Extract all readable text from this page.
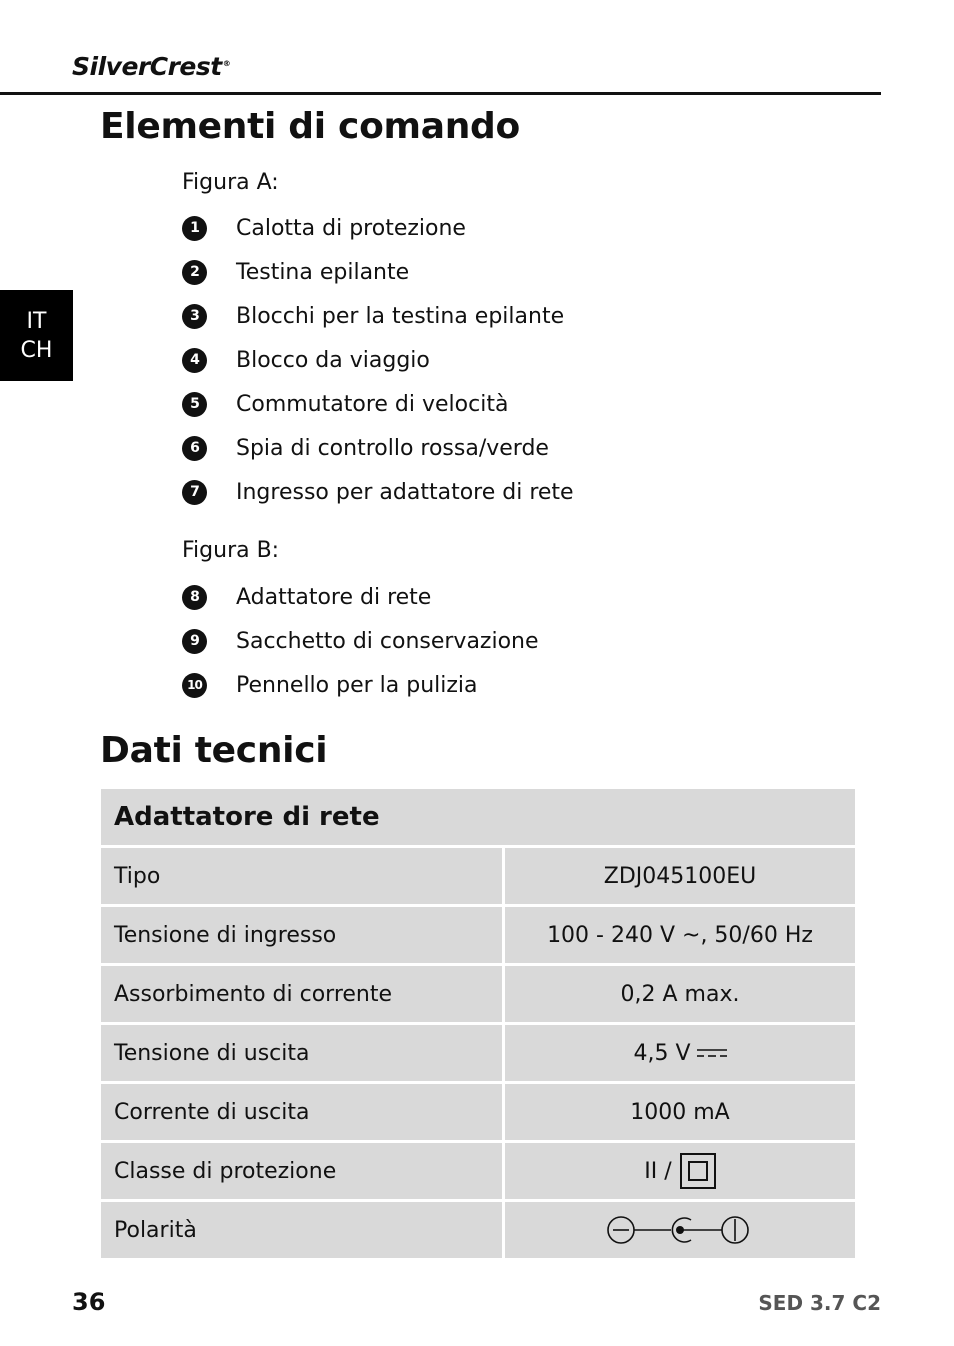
SilverCrest®
IT
CH
Elementi di comando

Figura A:

1	Calotta di protezione
2	Testina epilante
3	Blocchi per la testina epilante
4	Blocco da viaggio
5	Commutatore di velocità
6	Spia di controllo rossa/verde
7	Ingresso per adattatore di rete

Figura B:

8	Adattatore di rete
9	Sacchetto di conservazione
10 Pennello per la pulizia
Dati tecnici
Adattatore di rete
Tipo	ZDJ045100EU
Tensione di ingresso	100 - 240 V ~, 50/60 Hz
Assorbimento di corrente	0,2 A max.
Tensione di uscita	4,5 V
Corrente di uscita	1000 mA
Classe di protezione	II /
Polarità
36	SED 3.7 C2
